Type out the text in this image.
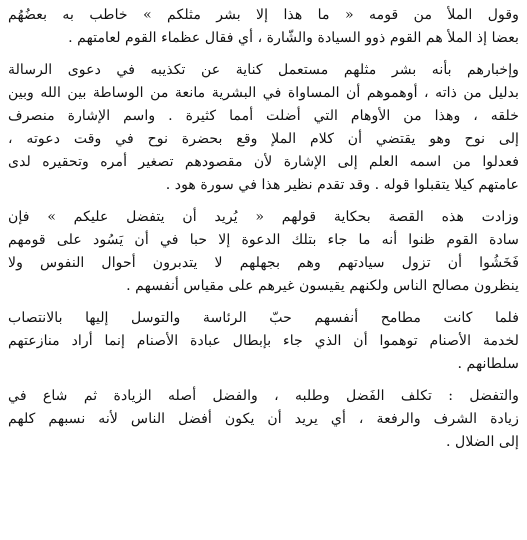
وقول الملأ من قومه « ما هذا إلا بشر مثلكم » خاطب به بعضُهُم
بعضا إذ الملأ هم القوم ذوو السيادة والشّارة ، أي فقال عظماء القوم لعامتهم .
وإخبارهم بأنه بشر مثلهم مستعمل كناية عن تكذيبه في دعوى الرسالة
بدليل من ذاته ، أوهموهم أن المساواة في البشرية مانعة من الوساطة بين الله وبين
خلقه ، وهذا من الأوهام التي أضلت أمما كثيرة . واسم الإشارة منصرف
إلى نوح وهو يقتضي أن كلام الملإ وقع بحضرة نوح في وقت دعوته ،
فعدلوا من اسمه العلم إلى الإشارة لأن مقصودهم تصغير أمره وتحقيره لدى
عامتهم كيلا يتقبلوا قوله . وقد تقدم نظير هذا في سورة هود .
وزادت هذه القصة بحكاية قولهم « يُريد أن يتفضل عليكم » فإن
سادة القوم ظنوا أنه ما جاء بتلك الدعوة إلا حبا في أن يَسُود على قومهم
فَخَشُوا أن تزول سيادتهم وهم بجهلهم لا يتدبرون أحوال النفوس ولا
ينظرون مصالح الناس ولكنهم يقيسون غيرهم على مقياس أنفسهم .
فلما كانت مطامح أنفسهم حبّ الرئاسة والتوسل إليها بالانتصاب
لخدمة الأصنام توهموا أن الذي جاء بإبطال عبادة الأصنام إنما أراد منازعتهم
سلطانهم .
والتفضل : تكلف الفَضل وطلبه ، والفضل أصله الزيادة ثم شاع في
زيادة الشرف والرفعة ، أي يريد أن يكون أفضل الناس لأنه نسبهم كلهم
إلى الضلال .
